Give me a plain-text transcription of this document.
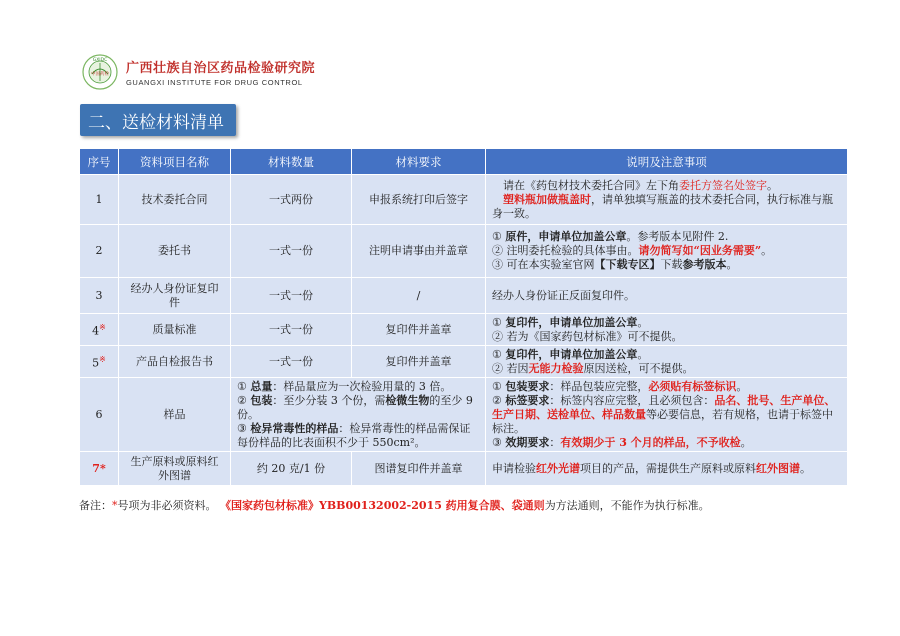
GXIDC
中国药检 广西壮族自治区药品检验研究院
GUANGXI INSTITUTE FOR DRUG CONTROL
二、送检材料清单
序号	资料项目名称	材料数量	材料要求	说明及注意事项
1	技术委托合同	一式两份	申报系统打印后签字	　请在《药包材技术委托合同》左下角委托方签名处签字。
　塑料瓶加做瓶盖时，请单独填写瓶盖的技术委托合同，执行标准与瓶身一致。
2	委托书	一式一份	注明申请事由并盖章	① 原件，申请单位加盖公章。参考版本见附件 2.
② 注明委托检验的具体事由。请勿简写如“因业务需要”。
③ 可在本实验室官网【下载专区】下载参考版本。
3	经办人身份证复印件	一式一份	/	经办人身份证正反面复印件。
4※	质量标准	一式一份	复印件并盖章	① 复印件，申请单位加盖公章。
② 若为《国家药包材标准》可不提供。
5※	产品自检报告书	一式一份	复印件并盖章	① 复印件，申请单位加盖公章。
② 若因无能力检验原因送检，可不提供。
6	样品	① 总量：样品量应为一次检验用量的 3 倍。
② 包装：至少分装 3 个份，需检微生物的至少 9 份。
③ 检异常毒性的样品：检异常毒性的样品需保证每份样品的比表面积不少于 550cm²。		① 包装要求：样品包装应完整，必须贴有标签标识。
② 标签要求：标签内容应完整，且必须包含：品名、批号、生产单位、生产日期、送检单位、样品数量等必要信息，若有规格，也请于标签中标注。
③ 效期要求：有效期少于 3 个月的样品，不予收检。
7*	生产原料或原料红外图谱	约 20 克/1 份	图谱复印件并盖章	申请检验红外光谱项目的产品，需提供生产原料或原料红外图谱。
备注：*号项为非必须资料。 《国家药包材标准》YBB00132002-2015 药用复合膜、袋通则为方法通则，不能作为执行标准。
